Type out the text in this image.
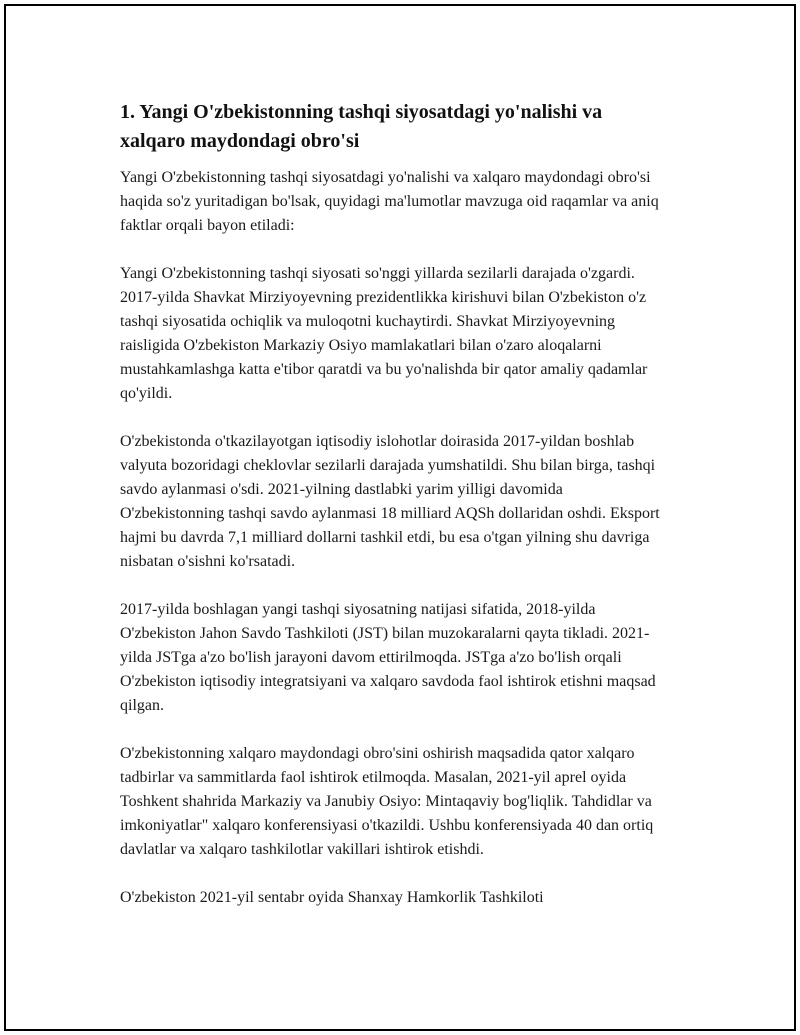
1. Yangi O'zbekistonning tashqi siyosatdagi yo'nalishi va xalqaro maydondagi obro'si

Yangi O'zbekistonning tashqi siyosatdagi yo'nalishi va xalqaro maydondagi obro'si haqida so'z yuritadigan bo'lsak, quyidagi ma'lumotlar mavzuga oid raqamlar va aniq faktlar orqali bayon etiladi:

Yangi O'zbekistonning tashqi siyosati so'nggi yillarda sezilarli darajada o'zgardi. 2017-yilda Shavkat Mirziyoyevning prezidentlikka kirishuvi bilan O'zbekiston o'z tashqi siyosatida ochiqlik va muloqotni kuchaytirdi. Shavkat Mirziyoyevning raisligida O'zbekiston Markaziy Osiyo mamlakatlari bilan o'zaro aloqalarni mustahkamlashga katta e'tibor qaratdi va bu yo'nalishda bir qator amaliy qadamlar qo'yildi.

O'zbekistonda o'tkazilayotgan iqtisodiy islohotlar doirasida 2017-yildan boshlab valyuta bozoridagi cheklovlar sezilarli darajada yumshatildi. Shu bilan birga, tashqi savdo aylanmasi o'sdi. 2021-yilning dastlabki yarim yilligi davomida O'zbekistonning tashqi savdo aylanmasi 18 milliard AQSh dollaridan oshdi. Eksport hajmi bu davrda 7,1 milliard dollarni tashkil etdi, bu esa o'tgan yilning shu davriga nisbatan o'sishni ko'rsatadi.

2017-yilda boshlagan yangi tashqi siyosatning natijasi sifatida, 2018-yilda O'zbekiston Jahon Savdo Tashkiloti (JST) bilan muzokaralarni qayta tikladi. 2021-yilda JSTga a'zo bo'lish jarayoni davom ettirilmoqda. JSTga a'zo bo'lish orqali O'zbekiston iqtisodiy integratsiyani va xalqaro savdoda faol ishtirok etishni maqsad qilgan.

O'zbekistonning xalqaro maydondagi obro'sini oshirish maqsadida qator xalqaro tadbirlar va sammitlarda faol ishtirok etilmoqda. Masalan, 2021-yil aprel oyida Toshkent shahrida Markaziy va Janubiy Osiyo: Mintaqaviy bog'liqlik. Tahdidlar va imkoniyatlar" xalqaro konferensiyasi o'tkazildi. Ushbu konferensiyada 40 dan ortiq davlatlar va xalqaro tashkilotlar vakillari ishtirok etishdi.

O'zbekiston 2021-yil sentabr oyida Shanxay Hamkorlik Tashkiloti
